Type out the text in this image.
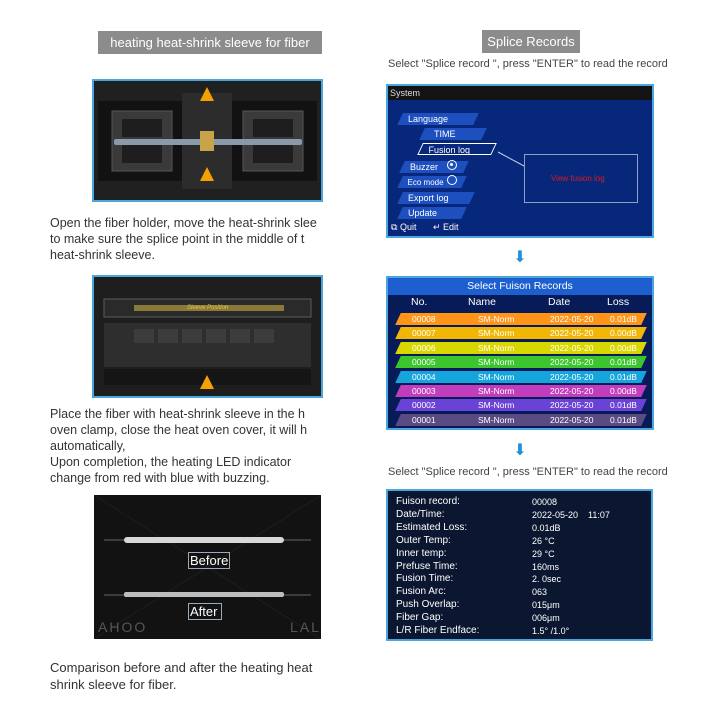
heating heat-shrink sleeve for fiber
Open the fiber holder, move the heat-shrink slee
to make sure the splice point in the middle of t
heat-shrink sleeve.
Sleeve Position
Place the fiber with heat-shrink sleeve in the h
oven clamp, close the heat oven cover, it will h
automatically,
Upon completion, the heating LED indicator
change from red with blue with buzzing.
Before
After
AHOO	LAL
Comparison before and after the heating heat
shrink sleeve for fiber.
Splice Records
Select "Splice record ", press "ENTER" to read the record
System
Language
TIME
Fusion log
Buzzer
Eco mode
Export log
Update
View fusion log
⧉ Quit ↵ Edit
⬇
Select Fuison Records
No.	Name	Date	Loss
00008	SM-Norm	2022-05-20 0.01dB
00007	SM-Norm	2022-05-20 0.00dB
00006	SM-Norm	2022-05-20 0.00dB
00005	SM-Norm	2022-05-20 0.01dB
00004	SM-Norm	2022-05-20 0.01dB
00003	SM-Norm	2022-05-20 0.00dB
00002	SM-Norm	2022-05-20 0.01dB
00001	SM-Norm	2022-05-20 0.01dB
⬇
Select "Splice record ", press "ENTER" to read the record
Fuison record:	00008
Date/Time:	2022-05-20    11:07
Estimated Loss:	0.01dB
Outer Temp:	26 °C
Inner temp:	29 °C
Prefuse Time:	160ms
Fusion Time:	2. 0sec
Fusion Arc:	063
Push Overlap:	015μm
Fiber Gap:	006μm
L/R Fiber Endface:	1.5° /1.0°
